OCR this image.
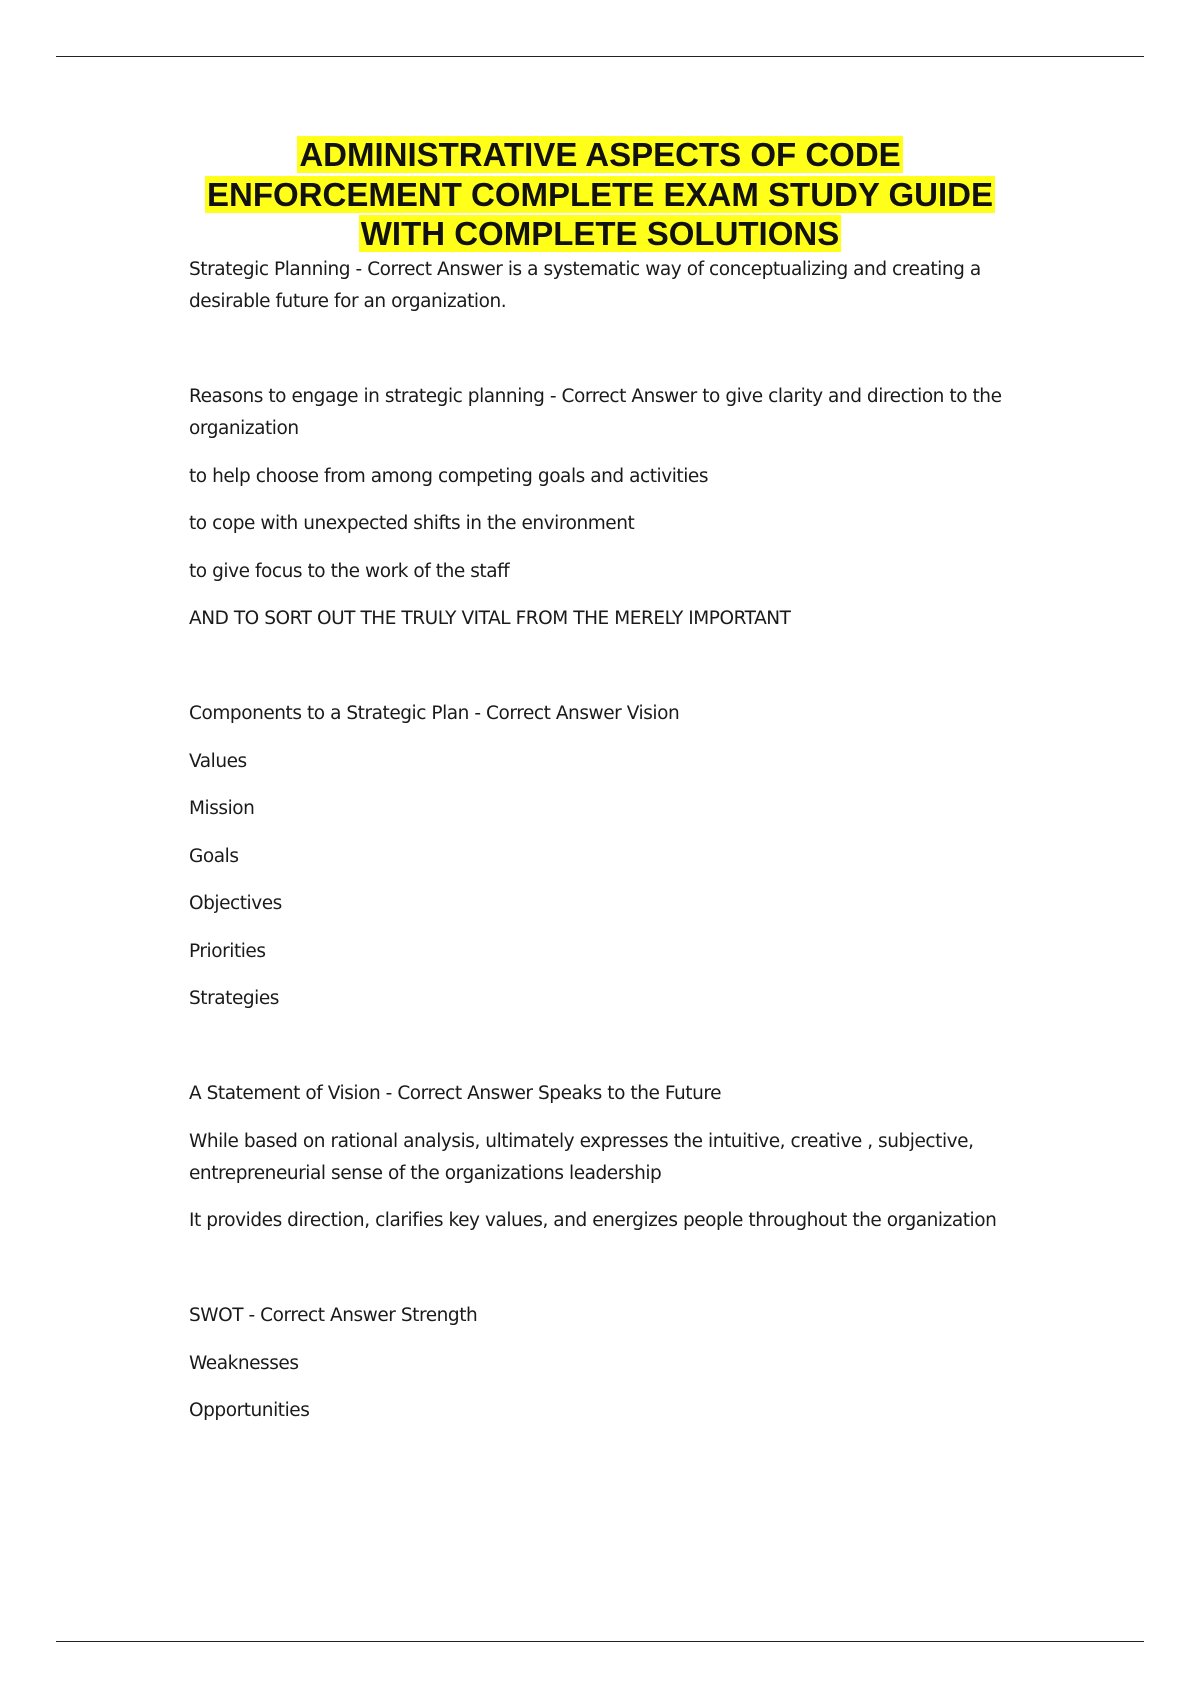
ADMINISTRATIVE ASPECTS OF CODE
ENFORCEMENT COMPLETE EXAM STUDY GUIDE
WITH COMPLETE SOLUTIONS

Strategic Planning - Correct Answer is a systematic way of conceptualizing and creating a desirable future for an organization.

Reasons to engage in strategic planning - Correct Answer to give clarity and direction to the organization

to help choose from among competing goals and activities

to cope with unexpected shifts in the environment

to give focus to the work of the staff

AND TO SORT OUT THE TRULY VITAL FROM THE MERELY IMPORTANT

Components to a Strategic Plan - Correct Answer Vision

Values

Mission

Goals

Objectives

Priorities

Strategies

A Statement of Vision - Correct Answer Speaks to the Future

While based on rational analysis, ultimately expresses the intuitive, creative , subjective, entrepreneurial sense of the organizations leadership

It provides direction, clarifies key values, and energizes people throughout the organization

SWOT - Correct Answer Strength

Weaknesses

Opportunities
